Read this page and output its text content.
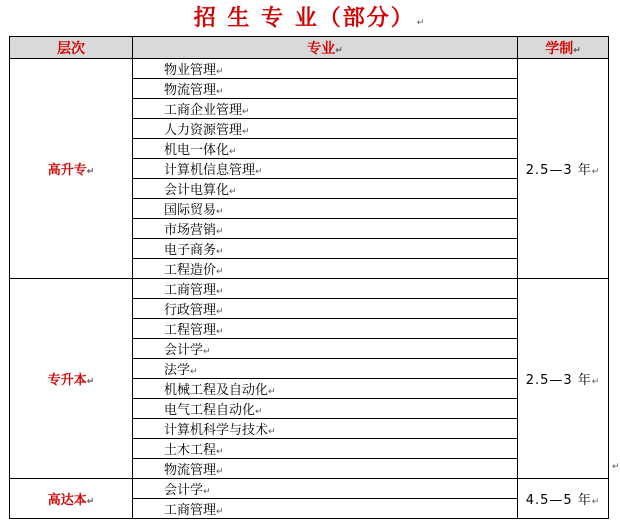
招 生 专 业（部分） ↵
层次	专业↵	学制↵
高升专↵	物业管理↵	2.5—3 年↵
	物流管理↵	
	工商企业管理↵	
	人力资源管理↵	
	机电一体化↵	
	计算机信息管理↵	
	会计电算化↵	
	国际贸易↵	
	市场营销↵	
	电子商务↵	
	工程造价↵	
专升本↵	工商管理↵	2.5—3 年↵
	行政管理↵	
	工程管理↵	
	会计学↵	
	法学↵	
	机械工程及自动化↵	
	电气工程自动化↵	
	计算机科学与技术↵	
	土木工程↵	
	物流管理↵	
高达本↵	会计学↵	4.5—5 年↵
	工商管理↵	
↵
